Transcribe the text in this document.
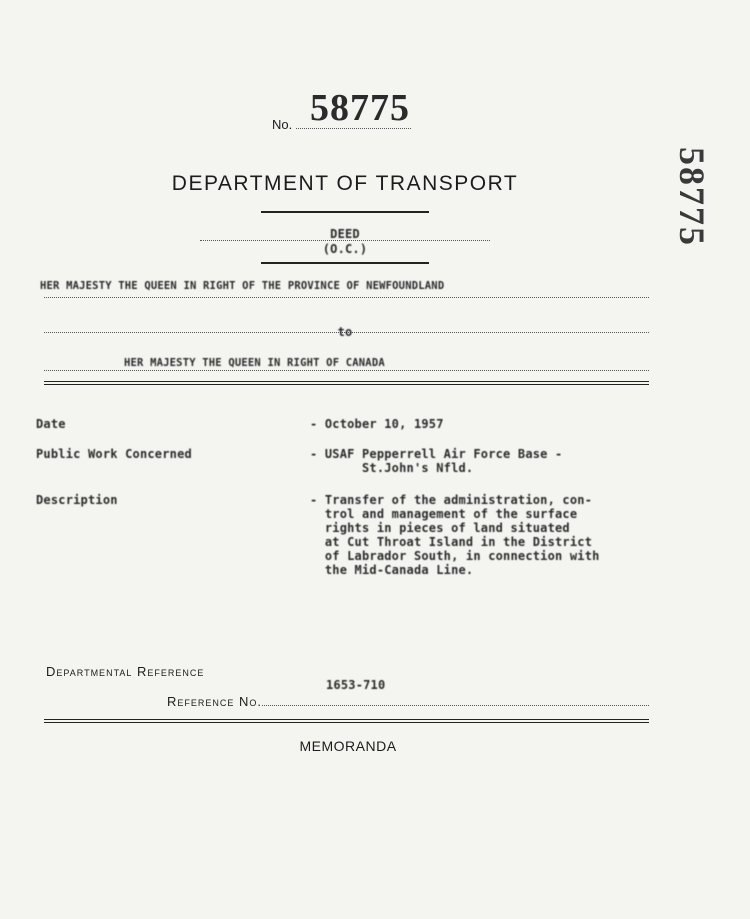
No. 58775
58775
DEPARTMENT OF TRANSPORT
DEED
(O.C.)
HER MAJESTY THE QUEEN IN RIGHT OF THE PROVINCE OF NEWFOUNDLAND
to
HER MAJESTY THE QUEEN IN RIGHT OF CANADA
Date	- October 10, 1957
Public Work Concerned	- USAF Pepperrell Air Force Base -
St.John's Nfld.
Description	- Transfer of the administration, con-
trol and management of the surface
rights in pieces of land situated
at Cut Throat Island in the District
of Labrador South, in connection with
the Mid-Canada Line.
Departmental Reference
Reference No.
1653-710
MEMORANDA
